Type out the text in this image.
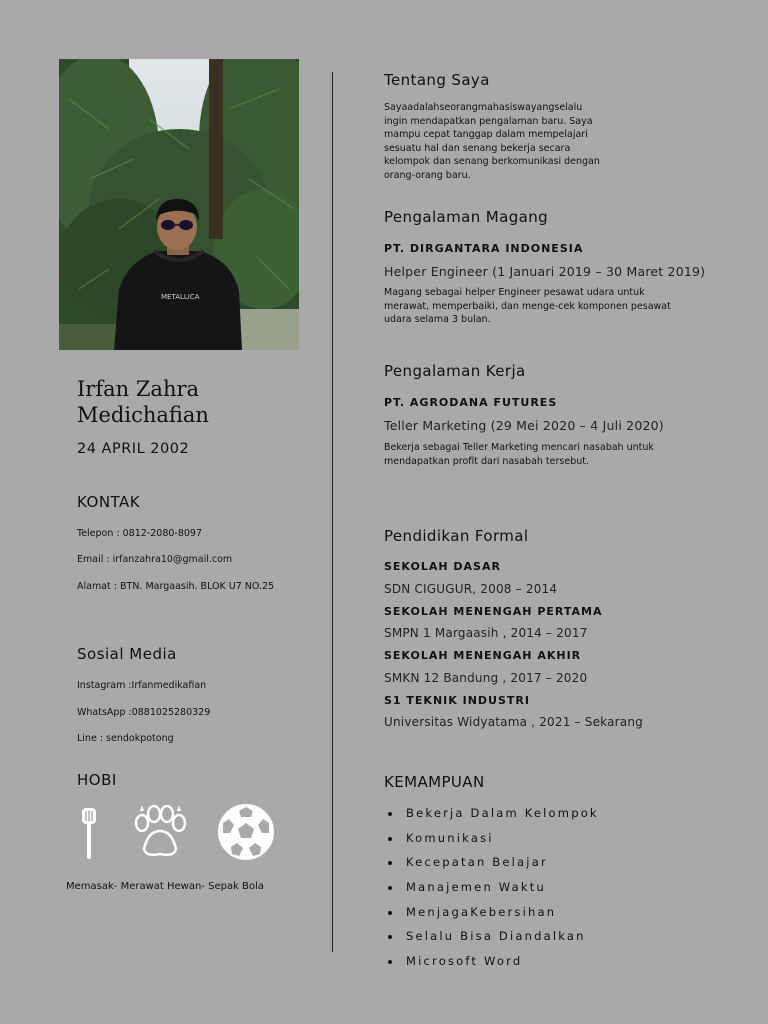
METALLICA
Irfan Zahra
Medichafian
24 APRIL 2002
KONTAK
Telepon : 0812-2080-8097
Email : irfanzahra10@gmail.com
Alamat : BTN. Margaasih. BLOK U7 NO.25
Sosial Media
Instagram :Irfanmedikafian
WhatsApp :0881025280329
Line : sendokpotong
HOBI
Memasak- Merawat Hewan- Sepak Bola
Tentang Saya
Sayaadalahseorangmahasiswayangselalu
ingin mendapatkan pengalaman baru. Saya
mampu cepat tanggap dalam mempelajari
sesuatu hal dan senang bekerja secara
kelompok dan senang berkomunikasi dengan
orang-orang baru.
Pengalaman Magang
PT. DIRGANTARA INDONESIA
Helper Engineer (1 Januari 2019 – 30 Maret 2019)
Magang sebagai helper Engineer pesawat udara untuk
merawat, memperbaiki, dan menge-cek komponen pesawat
udara selama 3 bulan.
Pengalaman Kerja
PT. AGRODANA FUTURES
Teller Marketing (29 Mei 2020 – 4 Juli 2020)
Bekerja sebagai Teller Marketing mencari nasabah untuk
mendapatkan profit dari nasabah tersebut.
Pendidikan Formal
SEKOLAH DASAR
SDN CIGUGUR, 2008 – 2014
SEKOLAH MENENGAH PERTAMA
SMPN 1 Margaasih , 2014 – 2017
SEKOLAH MENENGAH AKHIR
SMKN 12 Bandung , 2017 – 2020
S1 TEKNIK INDUSTRI
Universitas Widyatama , 2021 – Sekarang
KEMAMPUAN
Bekerja Dalam Kelompok
Komunikasi
Kecepatan Belajar
Manajemen Waktu
MenjagaKebersihan
Selalu Bisa Diandalkan
Microsoft Word
